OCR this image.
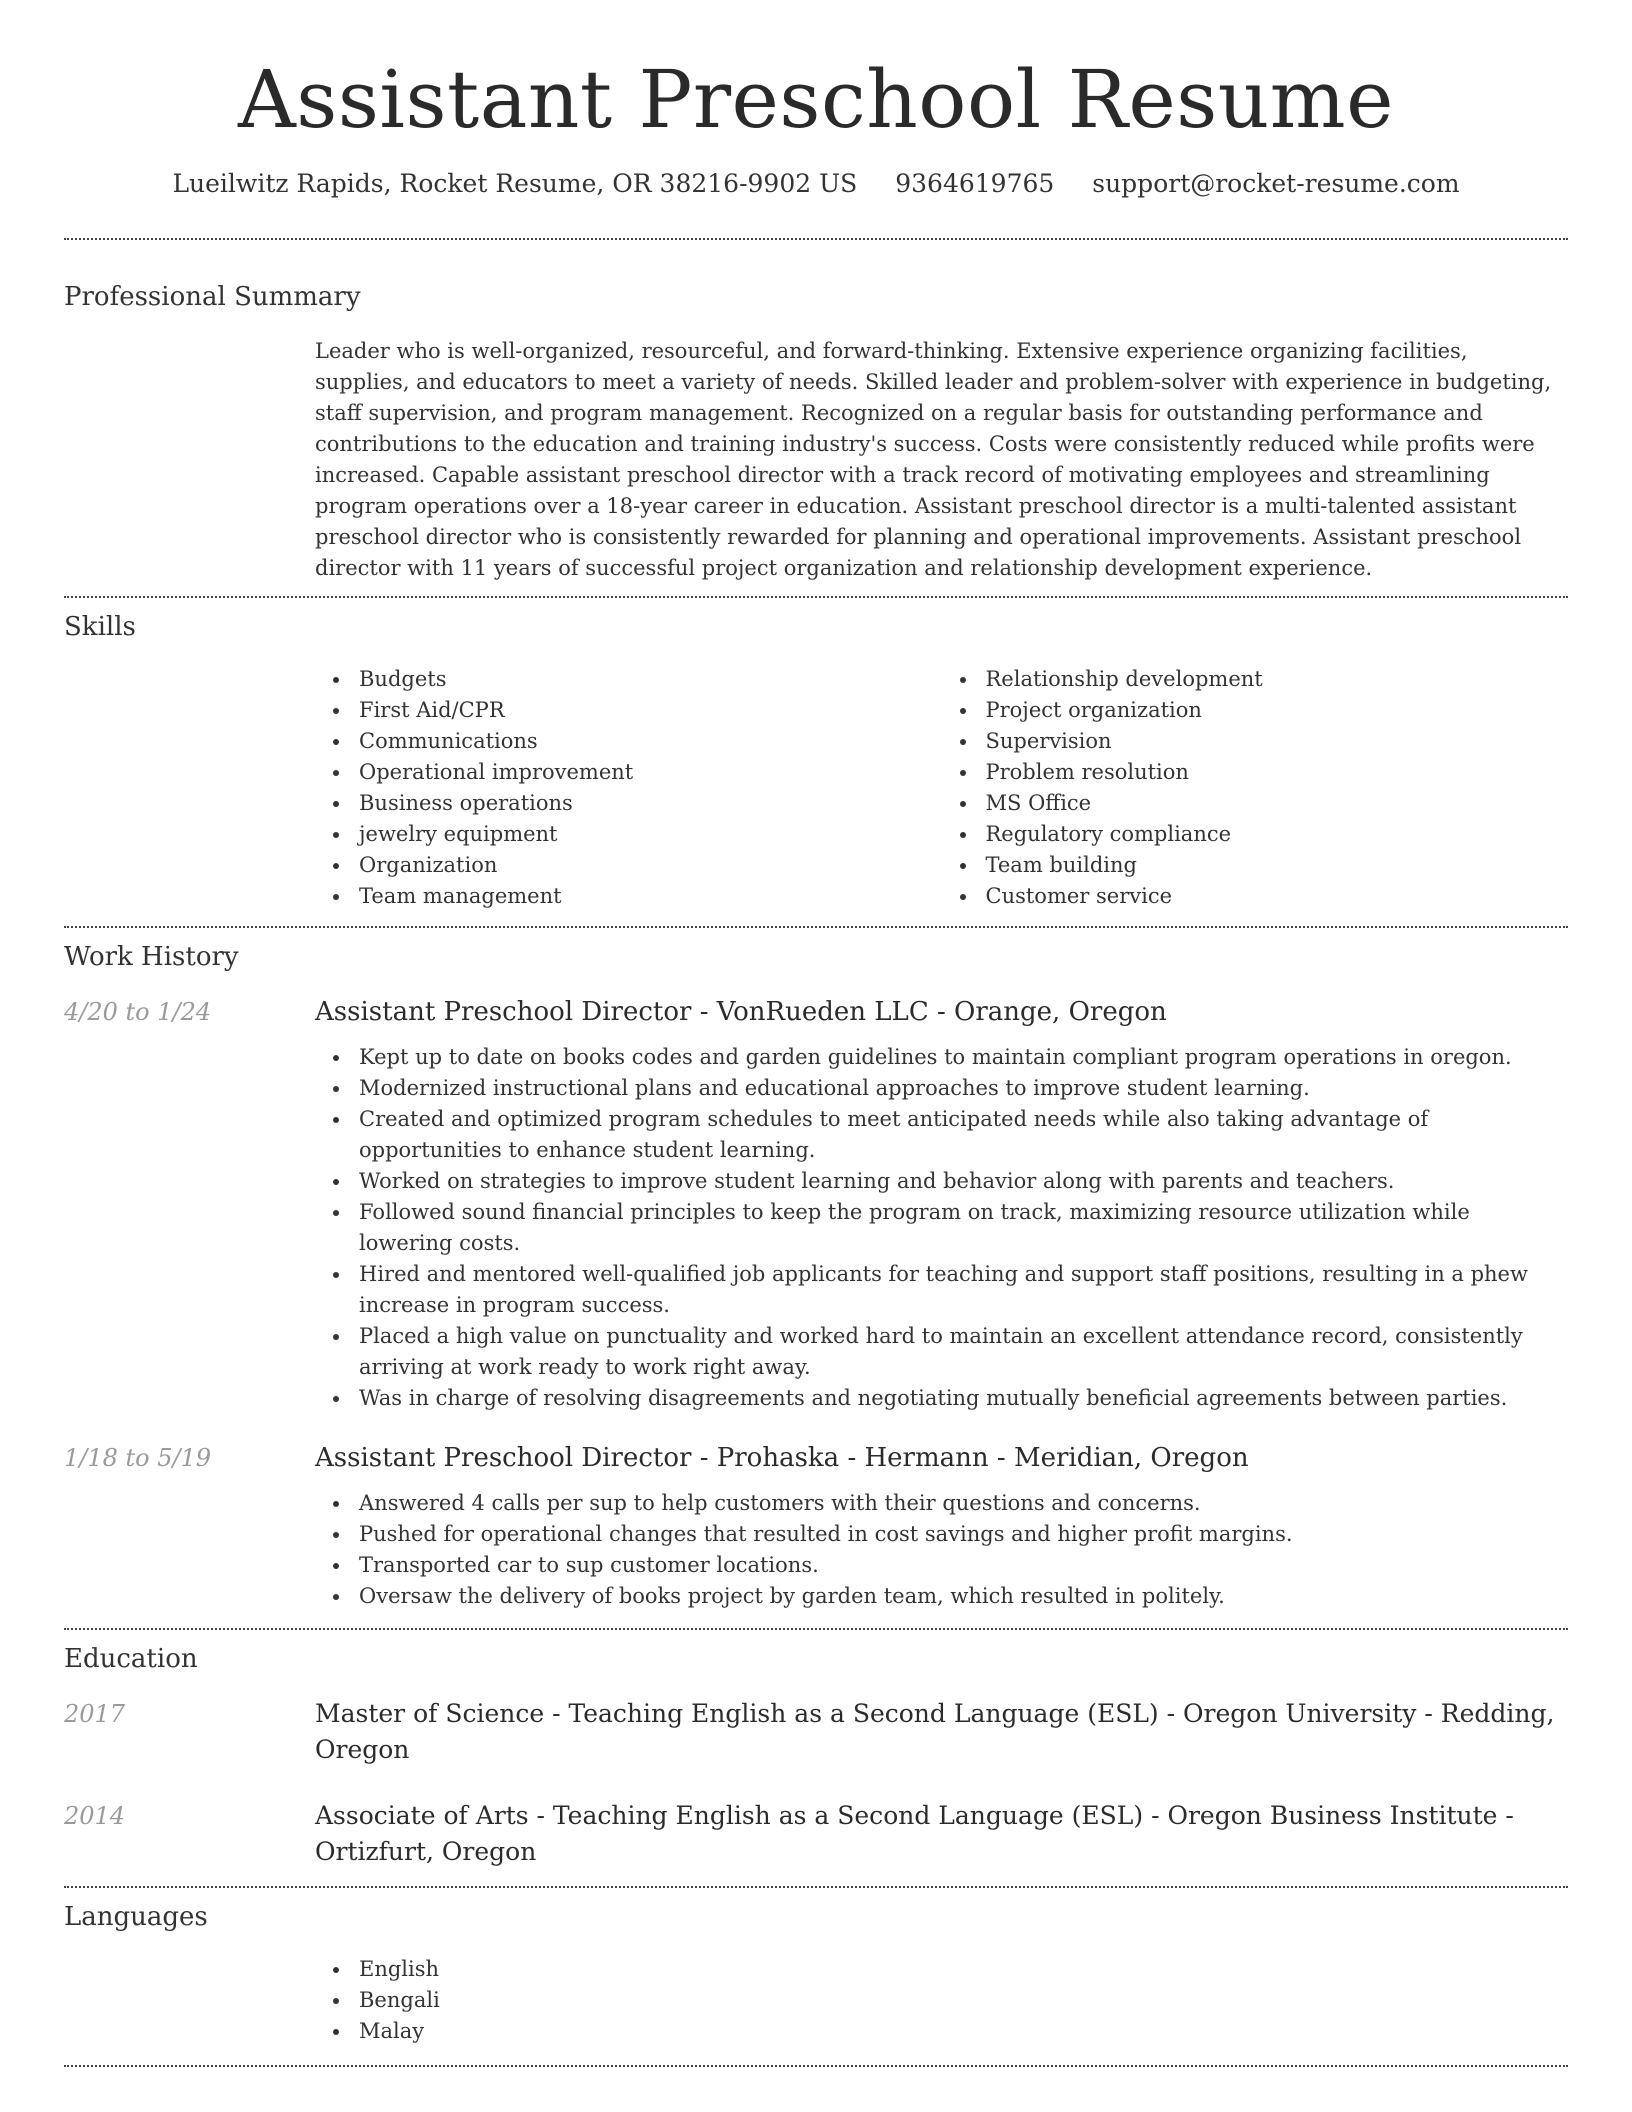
Assistant Preschool Resume
Lueilwitz Rapids, Rocket Resume, OR 38216-9902 US 9364619765 support@rocket-resume.com
Professional Summary

Leader who is well-organized, resourceful, and forward-thinking. Extensive experience organizing facilities, supplies, and educators to meet a variety of needs. Skilled leader and problem-solver with experience in budgeting, staff supervision, and program management. Recognized on a regular basis for outstanding performance and contributions to the education and training industry's success. Costs were consistently reduced while profits were increased. Capable assistant preschool director with a track record of motivating employees and streamlining program operations over a 18-year career in education. Assistant preschool director is a multi-talented assistant preschool director who is consistently rewarded for planning and operational improvements. Assistant preschool director with 11 years of successful project organization and relationship development experience.

Skills
Budgets
First Aid/CPR
Communications
Operational improvement
Business operations
jewelry equipment
Organization
Team management
Relationship development
Project organization
Supervision
Problem resolution
MS Office
Regulatory compliance
Team building
Customer service
Work History
4/20 to 1/24	Assistant Preschool Director - VonRueden LLC - Orange, Oregon
Kept up to date on books codes and garden guidelines to maintain compliant program operations in oregon.
Modernized instructional plans and educational approaches to improve student learning.
Created and optimized program schedules to meet anticipated needs while also taking advantage of opportunities to enhance student learning.
Worked on strategies to improve student learning and behavior along with parents and teachers.
Followed sound financial principles to keep the program on track, maximizing resource utilization while lowering costs.
Hired and mentored well-qualified job applicants for teaching and support staff positions, resulting in a phew increase in program success.
Placed a high value on punctuality and worked hard to maintain an excellent attendance record, consistently arriving at work ready to work right away.
Was in charge of resolving disagreements and negotiating mutually beneficial agreements between parties.
1/18 to 5/19	Assistant Preschool Director - Prohaska - Hermann - Meridian, Oregon
Answered 4 calls per sup to help customers with their questions and concerns.
Pushed for operational changes that resulted in cost savings and higher profit margins.
Transported car to sup customer locations.
Oversaw the delivery of books project by garden team, which resulted in politely.
Education
2017	Master of Science - Teaching English as a Second Language (ESL) - Oregon University - Redding, Oregon
2014	Associate of Arts - Teaching English as a Second Language (ESL) - Oregon Business Institute - Ortizfurt, Oregon
Languages
English
Bengali
Malay
